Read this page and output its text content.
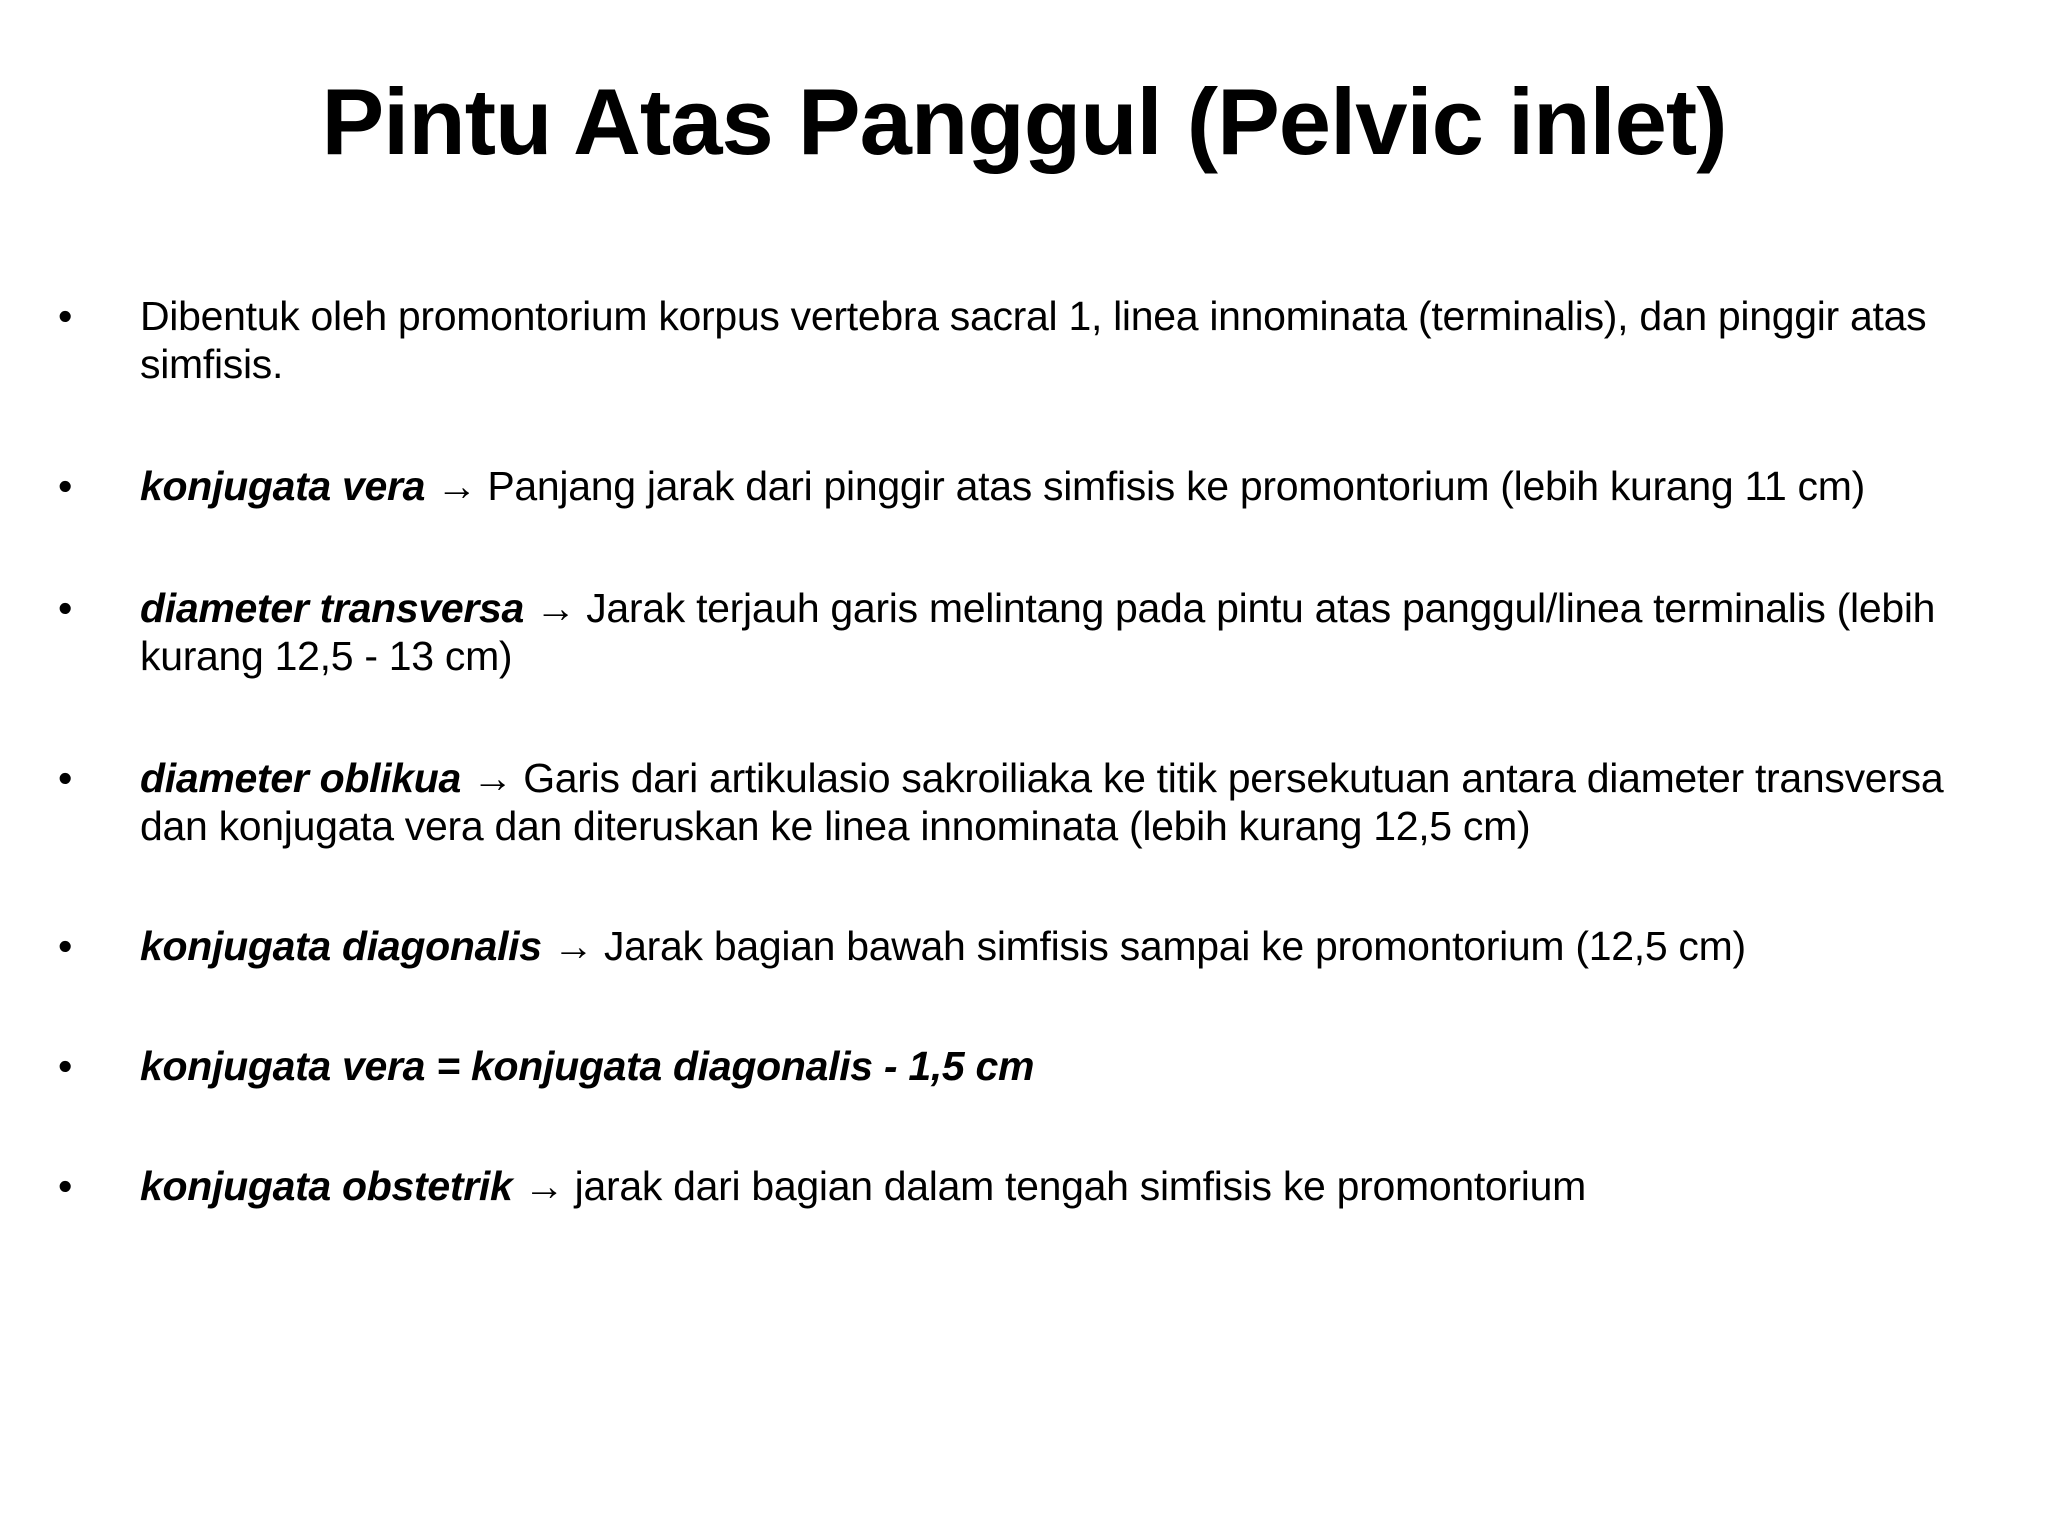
Pintu Atas Panggul (Pelvic inlet)
•	Dibentuk oleh promontorium korpus vertebra sacral 1, linea innominata (terminalis), dan pinggir atas simfisis.
•	konjugata vera → Panjang jarak dari pinggir atas simfisis ke promontorium (lebih kurang 11 cm)
•	diameter transversa → Jarak terjauh garis melintang pada pintu atas panggul/linea terminalis (lebih kurang 12,5 - 13 cm)
•	diameter oblikua → Garis dari artikulasio sakroiliaka ke titik persekutuan antara diameter transversa dan konjugata vera dan diteruskan ke linea innominata (lebih kurang 12,5 cm)
•	konjugata diagonalis → Jarak bagian bawah simfisis sampai ke promontorium (12,5 cm)
•	konjugata vera = konjugata diagonalis - 1,5 cm
•	konjugata obstetrik → jarak dari bagian dalam tengah simfisis ke promontorium
